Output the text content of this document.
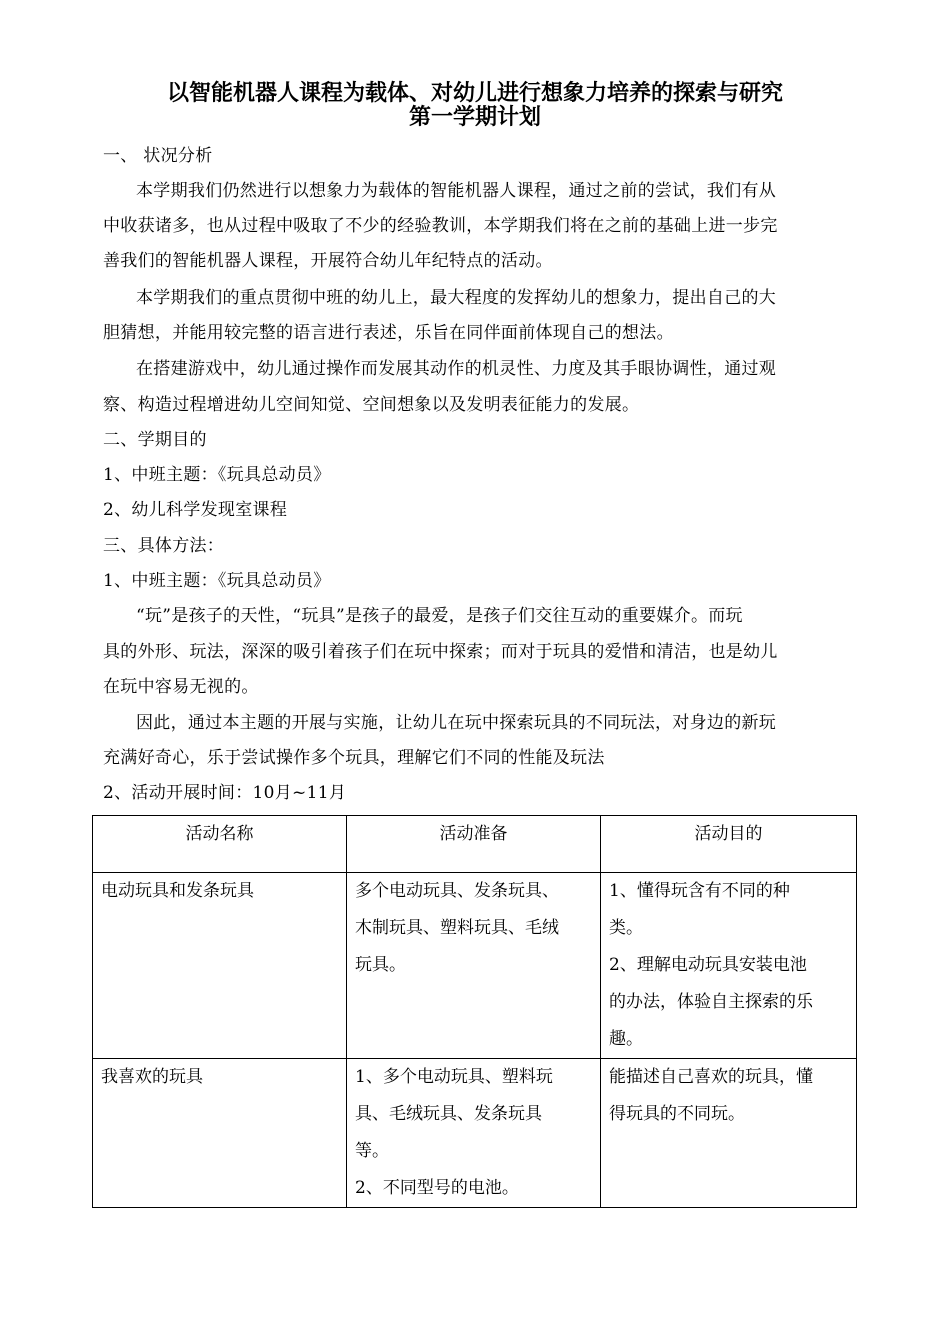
以智能机器人课程为载体、对幼儿进行想象力培养的探索与研究
第一学期计划
一、 状况分析
本学期我们仍然进行以想象力为载体的智能机器人课程，通过之前的尝试，我们有从
中收获诸多，也从过程中吸取了不少的经验教训，本学期我们将在之前的基础上进一步完
善我们的智能机器人课程，开展符合幼儿年纪特点的活动。
本学期我们的重点贯彻中班的幼儿上，最大程度的发挥幼儿的想象力，提出自己的大
胆猜想，并能用较完整的语言进行表述，乐旨在同伴面前体现自己的想法。
在搭建游戏中，幼儿通过操作而发展其动作的机灵性、力度及其手眼协调性，通过观
察、构造过程增进幼儿空间知觉、空间想象以及发明表征能力的发展。
二、学期目的
1、中班主题：《玩具总动员》
2、幼儿科学发现室课程
三、具体方法：
1、中班主题：《玩具总动员》
“玩”是孩子的天性，“玩具”是孩子的最爱，是孩子们交往互动的重要媒介。而玩
具的外形、玩法，深深的吸引着孩子们在玩中探索；而对于玩具的爱惜和清洁，也是幼儿
在玩中容易无视的。
因此，通过本主题的开展与实施，让幼儿在玩中探索玩具的不同玩法，对身边的新玩
充满好奇心，乐于尝试操作多个玩具，理解它们不同的性能及玩法
2、活动开展时间：10月~11月
活动名称	活动准备	活动目的
电动玩具和发条玩具	多个电动玩具、发条玩具、
木制玩具、塑料玩具、毛绒
玩具。	1、懂得玩含有不同的种
类。
2、理解电动玩具安装电池
的办法，体验自主探索的乐
趣。

我喜欢的玩具	1、多个电动玩具、塑料玩
具、毛绒玩具、发条玩具
等。
2、不同型号的电池。	能描述自己喜欢的玩具，懂
得玩具的不同玩。
